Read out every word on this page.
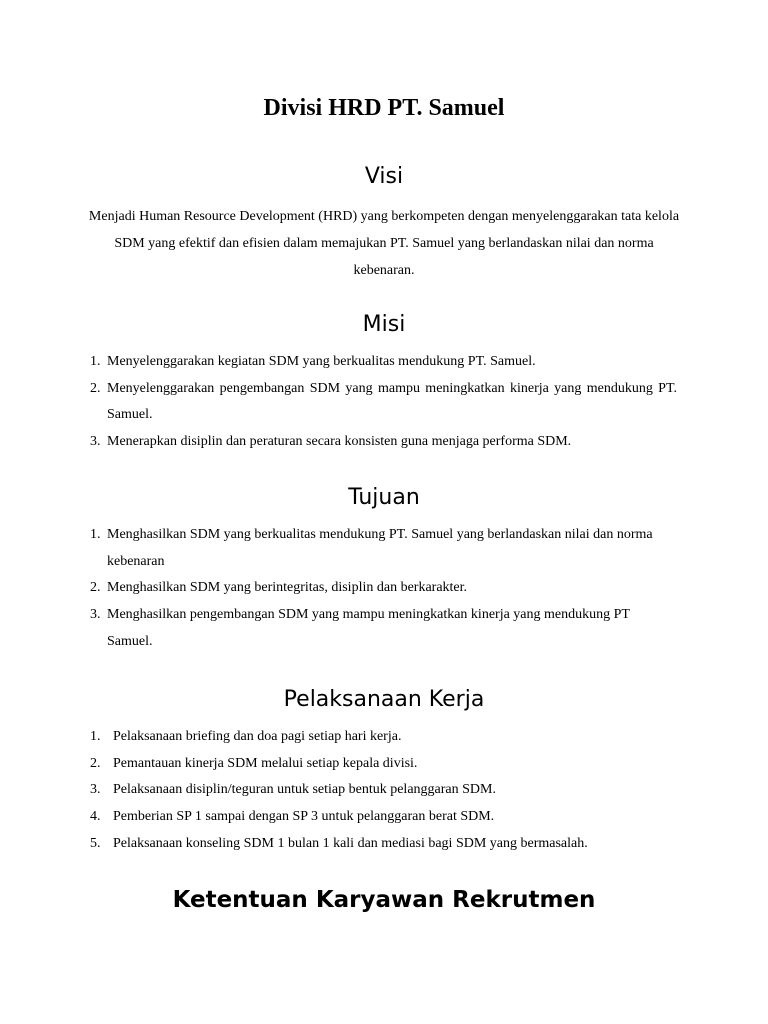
Divisi HRD PT. Samuel
Visi

Menjadi Human Resource Development (HRD) yang berkompeten dengan menyelenggarakan tata kelola SDM yang efektif dan efisien dalam memajukan PT. Samuel yang berlandaskan nilai dan norma kebenaran.

Misi
1. Menyelenggarakan kegiatan SDM yang berkualitas mendukung PT. Samuel.
2. Menyelenggarakan pengembangan SDM yang mampu meningkatkan kinerja yang mendukung PT. Samuel.
3. Menerapkan disiplin dan peraturan secara konsisten guna menjaga performa SDM.
Tujuan
1. Menghasilkan SDM yang berkualitas mendukung PT. Samuel yang berlandaskan nilai dan norma kebenaran
2. Menghasilkan SDM yang berintegritas, disiplin dan berkarakter.
3. Menghasilkan pengembangan SDM yang mampu meningkatkan kinerja yang mendukung PT Samuel.
Pelaksanaan Kerja
1. Pelaksanaan briefing dan doa pagi setiap hari kerja.
2. Pemantauan kinerja SDM melalui setiap kepala divisi.
3. Pelaksanaan disiplin/teguran untuk setiap bentuk pelanggaran SDM.
4. Pemberian SP 1 sampai dengan SP 3 untuk pelanggaran berat SDM.
5. Pelaksanaan konseling SDM 1 bulan 1 kali dan mediasi bagi SDM yang bermasalah.
Ketentuan Karyawan Rekrutmen
